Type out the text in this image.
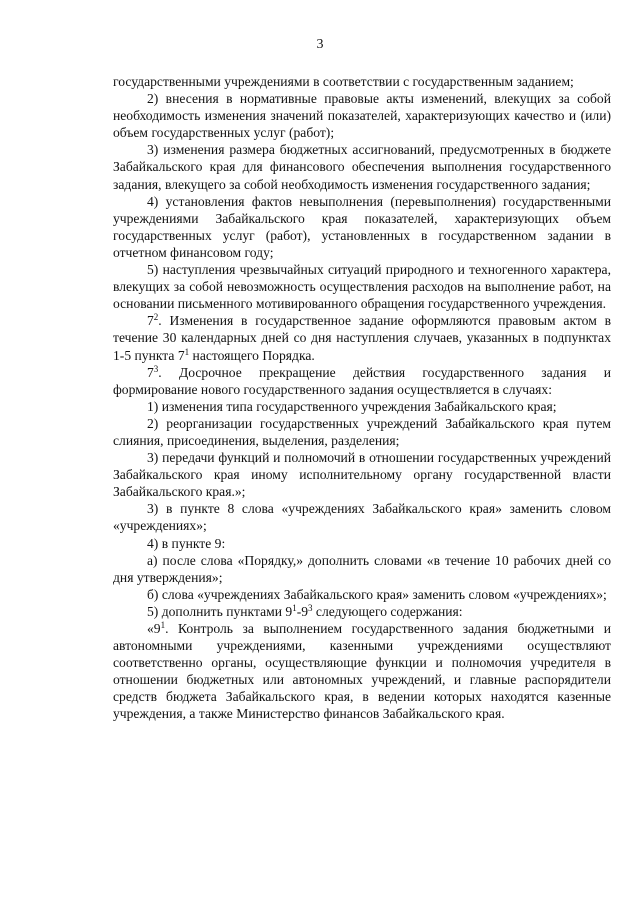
3

государственными учреждениями в соответствии с государственным заданием;

2) внесения в нормативные правовые акты изменений, влекущих за собой необходимость изменения значений показателей, характеризующих качество и (или) объем государственных услуг (работ);

3) изменения размера бюджетных ассигнований, предусмотренных в бюджете Забайкальского края для финансового обеспечения выполнения государственного задания, влекущего за собой необходимость изменения государственного задания;

4) установления фактов невыполнения (перевыполнения) государственными учреждениями Забайкальского края показателей, характеризующих объем государственных услуг (работ), установленных в государственном задании в отчетном финансовом году;

5) наступления чрезвычайных ситуаций природного и техногенного характера, влекущих за собой невозможность осуществления расходов на выполнение работ, на основании письменного мотивированного обращения государственного учреждения.

$7^2$. Изменения в государственное задание оформляются правовым актом в течение 30 календарных дней со дня наступления случаев, указанных в подпунктах 1-5 пункта $7^1$ настоящего Порядка.

$7^3$. Досрочное прекращение действия государственного задания и формирование нового государственного задания осуществляется в случаях:

1) изменения типа государственного учреждения Забайкальского края;

2) реорганизации государственных учреждений Забайкальского края путем слияния, присоединения, выделения, разделения;

3) передачи функций и полномочий в отношении государственных учреждений Забайкальского края иному исполнительному органу государственной власти Забайкальского края.»;

3) в пункте 8 слова «учреждениях Забайкальского края» заменить словом «учреждениях»;

4) в пункте 9:

а) после слова «Порядку,» дополнить словами «в течение 10 рабочих дней со дня утверждения»;

б) слова «учреждениях Забайкальского края» заменить словом «учреждениях»;

5) дополнить пунктами $9^1-9^3$ следующего содержания:

«$9^1$. Контроль за выполнением государственного задания бюджетными и автономными учреждениями, казенными учреждениями осуществляют соответственно органы, осуществляющие функции и полномочия учредителя в отношении бюджетных или автономных учреждений, и главные распорядители средств бюджета Забайкальского края, в ведении которых находятся казенные учреждения, а также Министерство финансов Забайкальского края.
